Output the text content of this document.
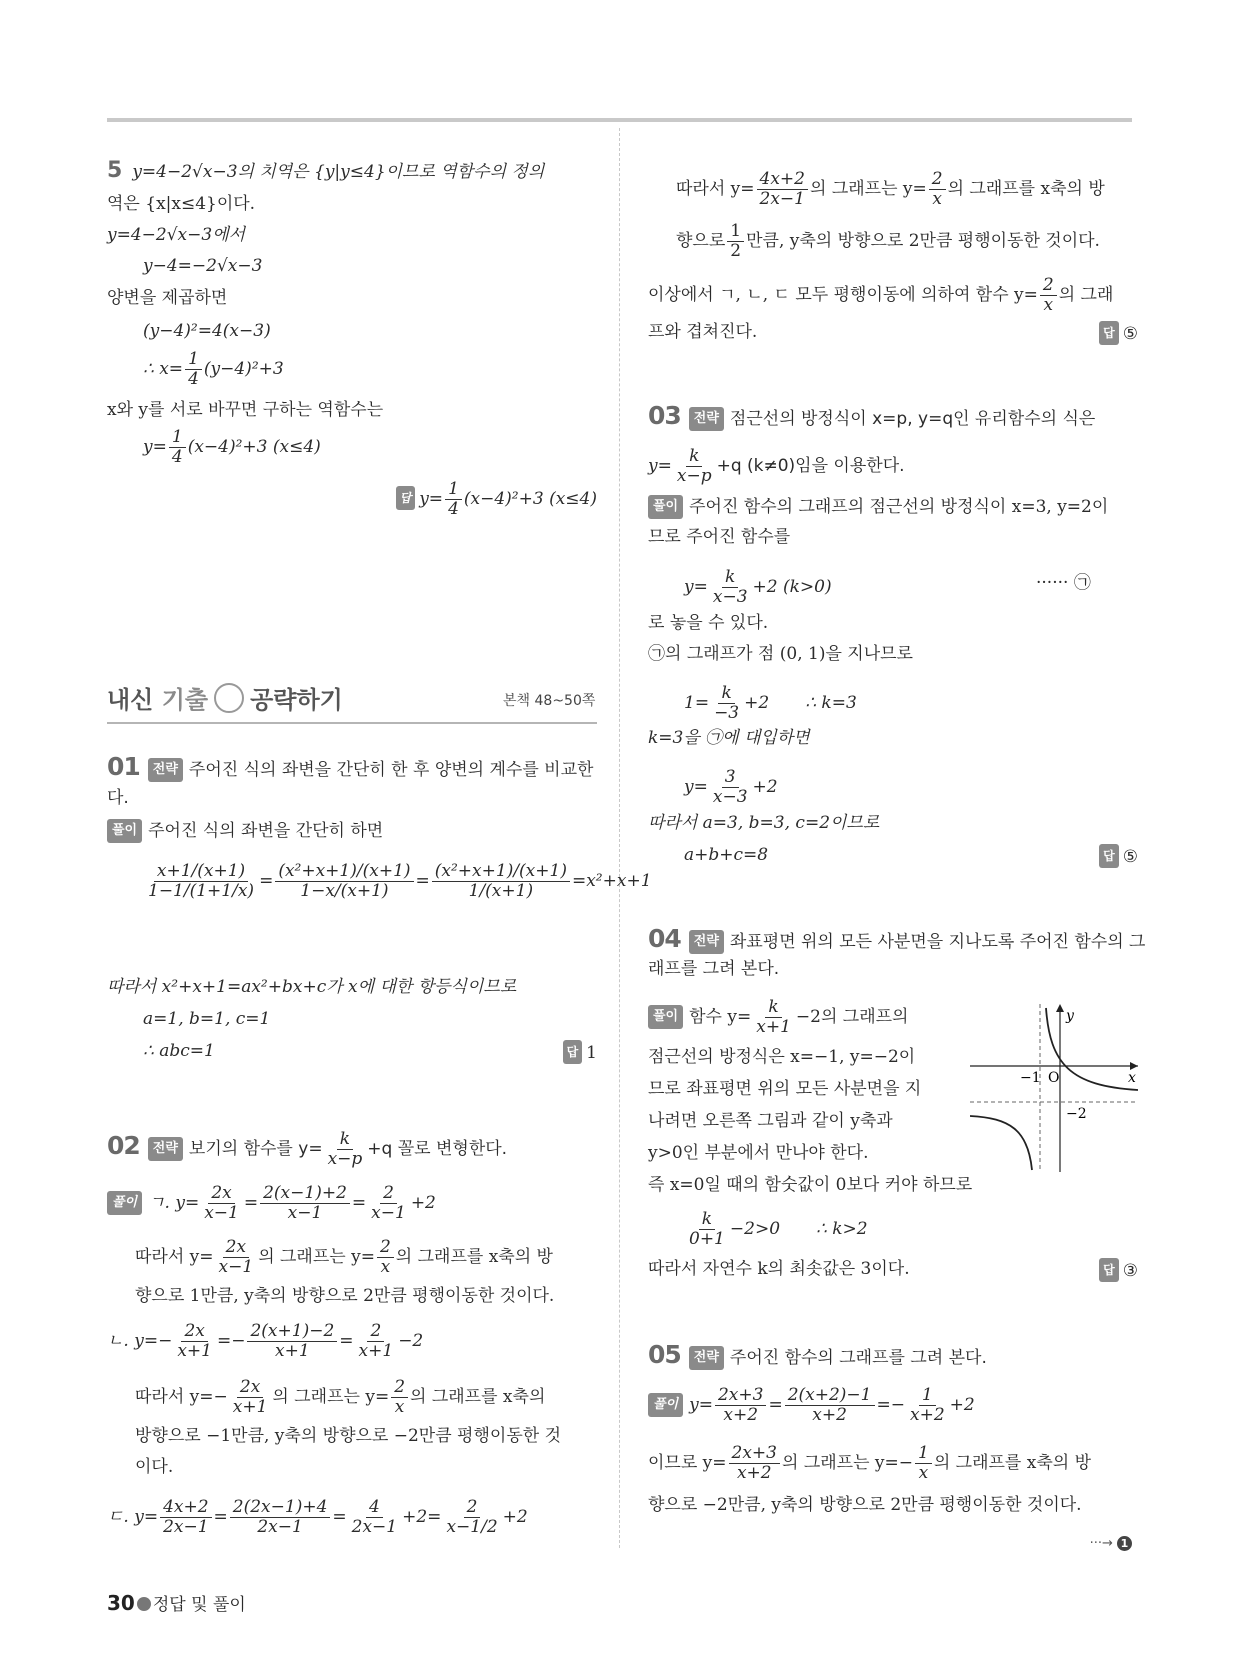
5 y=4−2√x−3의 치역은 {y|y≤4}이므로 역함수의 정의
역은 {x|x≤4}이다.
y=4−2√x−3에서
y−4=−2√x−3
양변을 제곱하면
(y−4)²=4(x−3)
∴ $x= \frac{1}{4} (y-4)^2+3$
x와 y를 서로 바꾸면 구하는 역함수는
$y= \frac{1}{4} (x-4)^2+3$ (x≤4)
답 $y= \frac{1}{4} (x-4)^2+3$ (x≤4)
내신 기출 공략하기	본책 48~50쪽
01 전략 주어진 식의 좌변을 간단히 한 후 양변의 계수를 비교한
다.
풀이 주어진 식의 좌변을 간단히 하면
$\frac{x+1/(x+1)}{1-1/(1+1/x)} = \frac{\text{(x²+x+1)/(x+1)}}{1-x/(x+1)} = \frac{\text{(x²+x+1)/(x+1)}}{1/(x+1)} =x^2+x+1$
따라서 x²+x+1=ax²+bx+c가 x에 대한 항등식이므로
a=1, b=1, c=1
∴ abc=1	답 1
02 전략 보기의 함수를 $y= \frac{k}{x-p} +q$ 꼴로 변형한다.
풀이 ㄱ. $y= \frac{2x}{x-1} = \frac{2(x-1)+2}{x-1} = \frac{2}{x-1} +2$
따라서 $y= \frac{2x}{x-1}$ 의 그래프는 $y= \frac{2}{x}$ 의 그래프를 x축의 방
향으로 1만큼, y축의 방향으로 2만큼 평행이동한 것이다.
ㄴ. $y=- \frac{2x}{x+1} =- \frac{2(x+1)-2}{x+1} = \frac{2}{x+1} -2$
따라서 $y=- \frac{2x}{x+1}$ 의 그래프는 $y= \frac{2}{x}$ 의 그래프를 x축의
방향으로 −1만큼, y축의 방향으로 −2만큼 평행이동한 것
이다.
ㄷ. $y= \frac{4x+2}{2x-1} = \frac{2(2x-1)+4}{2x-1} = \frac{4}{2x-1} +2= \frac{2}{x-1/2} +2$
따라서 $y= \frac{4x+2}{2x-1}$ 의 그래프는 $y= \frac{2}{x}$ 의 그래프를 x축의 방
향으로 $\frac{1}{2}$ 만큼, y축의 방향으로 2만큼 평행이동한 것이다.
이상에서 ㄱ, ㄴ, ㄷ 모두 평행이동에 의하여 함수 $y= \frac{2}{x}$ 의 그래
프와 겹쳐진다.	답 ⑤
03 전략 점근선의 방정식이 x=p, y=q인 유리함수의 식은
$y= \frac{k}{x-p} +q$ (k≠0)임을 이용한다.
풀이 주어진 함수의 그래프의 점근선의 방정식이 x=3, y=2이
므로 주어진 함수를
$y= \frac{k}{x-3} +2$ (k>0)	······ ㉠
로 놓을 수 있다.
㉠의 그래프가 점 (0, 1)을 지나므로
$1= \frac{k}{-3} +2$ ∴ k=3
k=3을 ㉠에 대입하면
$y= \frac{3}{x-3} +2$
따라서 a=3, b=3, c=2이므로
a+b+c=8	답 ⑤
04 전략 좌표평면 위의 모든 사분면을 지나도록 주어진 함수의 그
래프를 그려 본다.
풀이 함수 $y= \frac{k}{x+1} -2$의 그래프의
점근선의 방정식은 x=−1, y=−2이
므로 좌표평면 위의 모든 사분면을 지
나려면 오른쪽 그림과 같이 y축과
y>0인 부분에서 만나야 한다.
즉 x=0일 때의 함숫값이 0보다 커야 하므로
$\frac{k}{0+1} -2>0$ ∴ k>2
따라서 자연수 k의 최솟값은 3이다.	답 ③
y
x
O
−1
−2
05 전략 주어진 함수의 그래프를 그려 본다.
풀이 $y= \frac{2x+3}{x+2} = \frac{2(x+2)-1}{x+2} =- \frac{1}{x+2} +2$
이므로 $y= \frac{2x+3}{x+2}$ 의 그래프는 $y=- \frac{1}{x}$ 의 그래프를 x축의 방
향으로 −2만큼, y축의 방향으로 2만큼 평행이동한 것이다.
···→ 1
30 정답 및 풀이
